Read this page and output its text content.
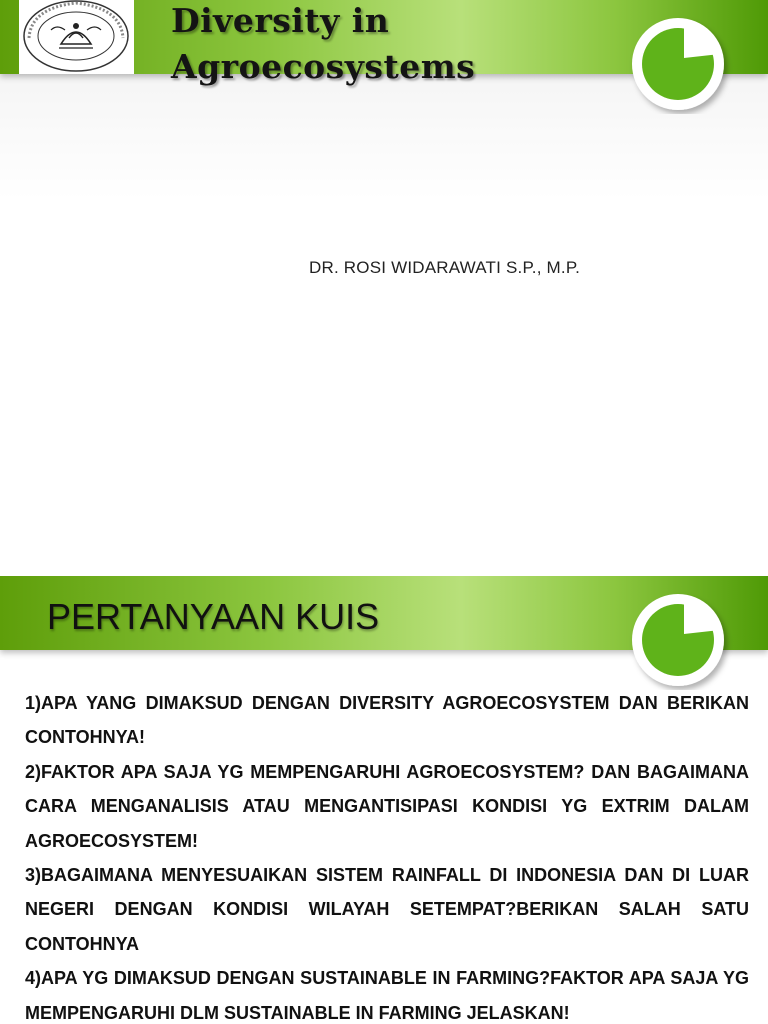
Diversity in
Agroecosystems
DR. ROSI WIDARAWATI S.P., M.P.
PERTANYAAN KUIS
1)APA YANG DIMAKSUD DENGAN DIVERSITY AGROECOSYSTEM DAN BERIKAN CONTOHNYA!
2)FAKTOR APA SAJA YG MEMPENGARUHI AGROECOSYSTEM? DAN BAGAIMANA CARA MENGANALISIS ATAU MENGANTISIPASI KONDISI YG EXTRIM DALAM AGROECOSYSTEM!
3)BAGAIMANA MENYESUAIKAN SISTEM RAINFALL DI INDONESIA DAN DI LUAR NEGERI DENGAN KONDISI WILAYAH SETEMPAT?BERIKAN SALAH SATU CONTOHNYA
4)APA YG DIMAKSUD DENGAN SUSTAINABLE IN FARMING?FAKTOR APA SAJA YG MEMPENGARUHI DLM SUSTAINABLE IN FARMING JELASKAN!
